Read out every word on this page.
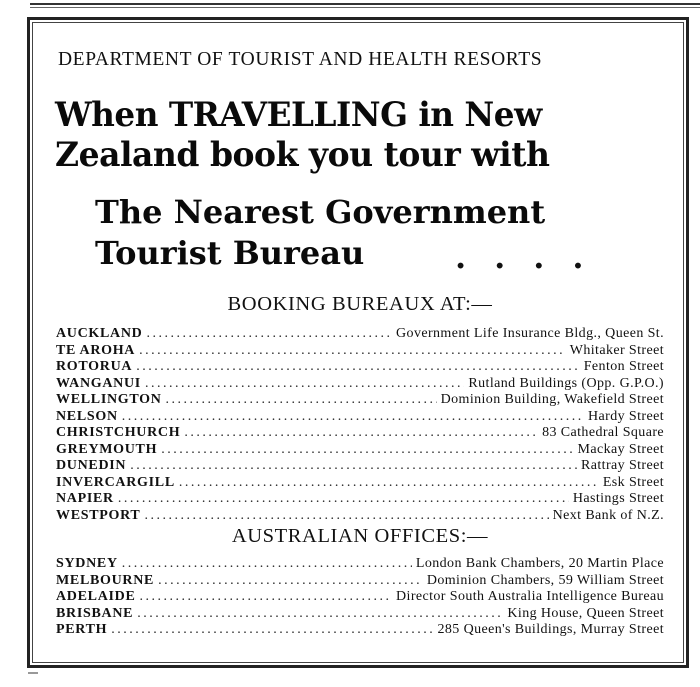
DEPARTMENT OF TOURIST AND HEALTH RESORTS
When TRAVELLING in New
Zealand book you tour with
The Nearest Government
Tourist Bureau	....
BOOKING BUREAUX AT:—
AUCKLAND . . .	Government Life Insurance Bldg., Queen St.
TE AROHA . . .	Whitaker Street
ROTORUA . . .	Fenton Street
WANGANUI . . .	Rutland Buildings (Opp. G.P.O.)
WELLINGTON . . .	Dominion Building, Wakefield Street
NELSON . . .	Hardy Street
CHRISTCHURCH . . .	83 Cathedral Square
GREYMOUTH . . .	Mackay Street
DUNEDIN . . .	Rattray Street
INVERCARGILL . . .	Esk Street
NAPIER . . .	Hastings Street
WESTPORT . . .	Next Bank of N.Z.
AUSTRALIAN OFFICES:—
SYDNEY . . .	London Bank Chambers, 20 Martin Place
MELBOURNE . . .	Dominion Chambers, 59 William Street
ADELAIDE . . .	Director South Australia Intelligence Bureau
BRISBANE . . .	King House, Queen Street
PERTH . . .	285 Queen's Buildings, Murray Street
